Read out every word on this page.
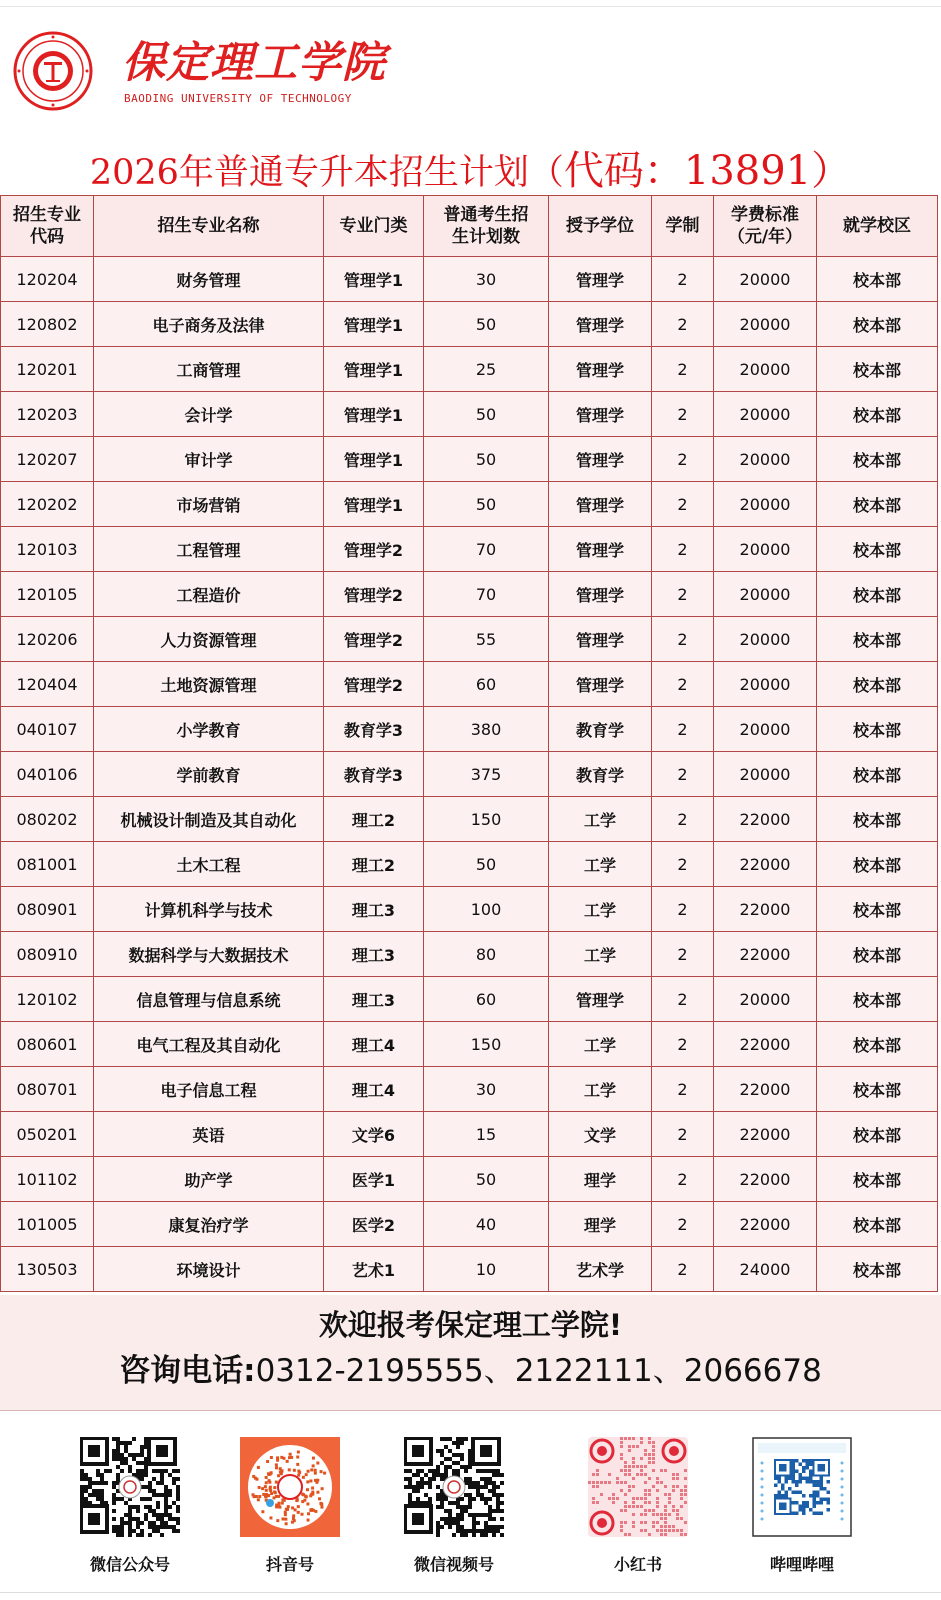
保定理工学院
BAODING UNIVERSITY OF TECHNOLOGY
2026年普通专升本招生计划（代码：13891）
招生专业代码	招生专业名称	专业门类	普通考生招生计划数	授予学位	学制	学费标准（元/年）	就学校区
120204	财务管理	管理学1	30	管理学	2	20000	校本部
120802	电子商务及法律	管理学1	50	管理学	2	20000	校本部
120201	工商管理	管理学1	25	管理学	2	20000	校本部
120203	会计学	管理学1	50	管理学	2	20000	校本部
120207	审计学	管理学1	50	管理学	2	20000	校本部
120202	市场营销	管理学1	50	管理学	2	20000	校本部
120103	工程管理	管理学2	70	管理学	2	20000	校本部
120105	工程造价	管理学2	70	管理学	2	20000	校本部
120206	人力资源管理	管理学2	55	管理学	2	20000	校本部
120404	土地资源管理	管理学2	60	管理学	2	20000	校本部
040107	小学教育	教育学3	380	教育学	2	20000	校本部
040106	学前教育	教育学3	375	教育学	2	20000	校本部
080202	机械设计制造及其自动化	理工2	150	工学	2	22000	校本部
081001	土木工程	理工2	50	工学	2	22000	校本部
080901	计算机科学与技术	理工3	100	工学	2	22000	校本部
080910	数据科学与大数据技术	理工3	80	工学	2	22000	校本部
120102	信息管理与信息系统	理工3	60	管理学	2	20000	校本部
080601	电气工程及其自动化	理工4	150	工学	2	22000	校本部
080701	电子信息工程	理工4	30	工学	2	22000	校本部
050201	英语	文学6	15	文学	2	22000	校本部
101102	助产学	医学1	50	理学	2	22000	校本部
101005	康复治疗学	医学2	40	理学	2	22000	校本部
130503	环境设计	艺术1	10	艺术学	2	24000	校本部
欢迎报考保定理工学院!
咨询电话:0312-2195555、2122111、2066678
微信公众号	抖音号	微信视频号	小红书	哔哩哔哩
